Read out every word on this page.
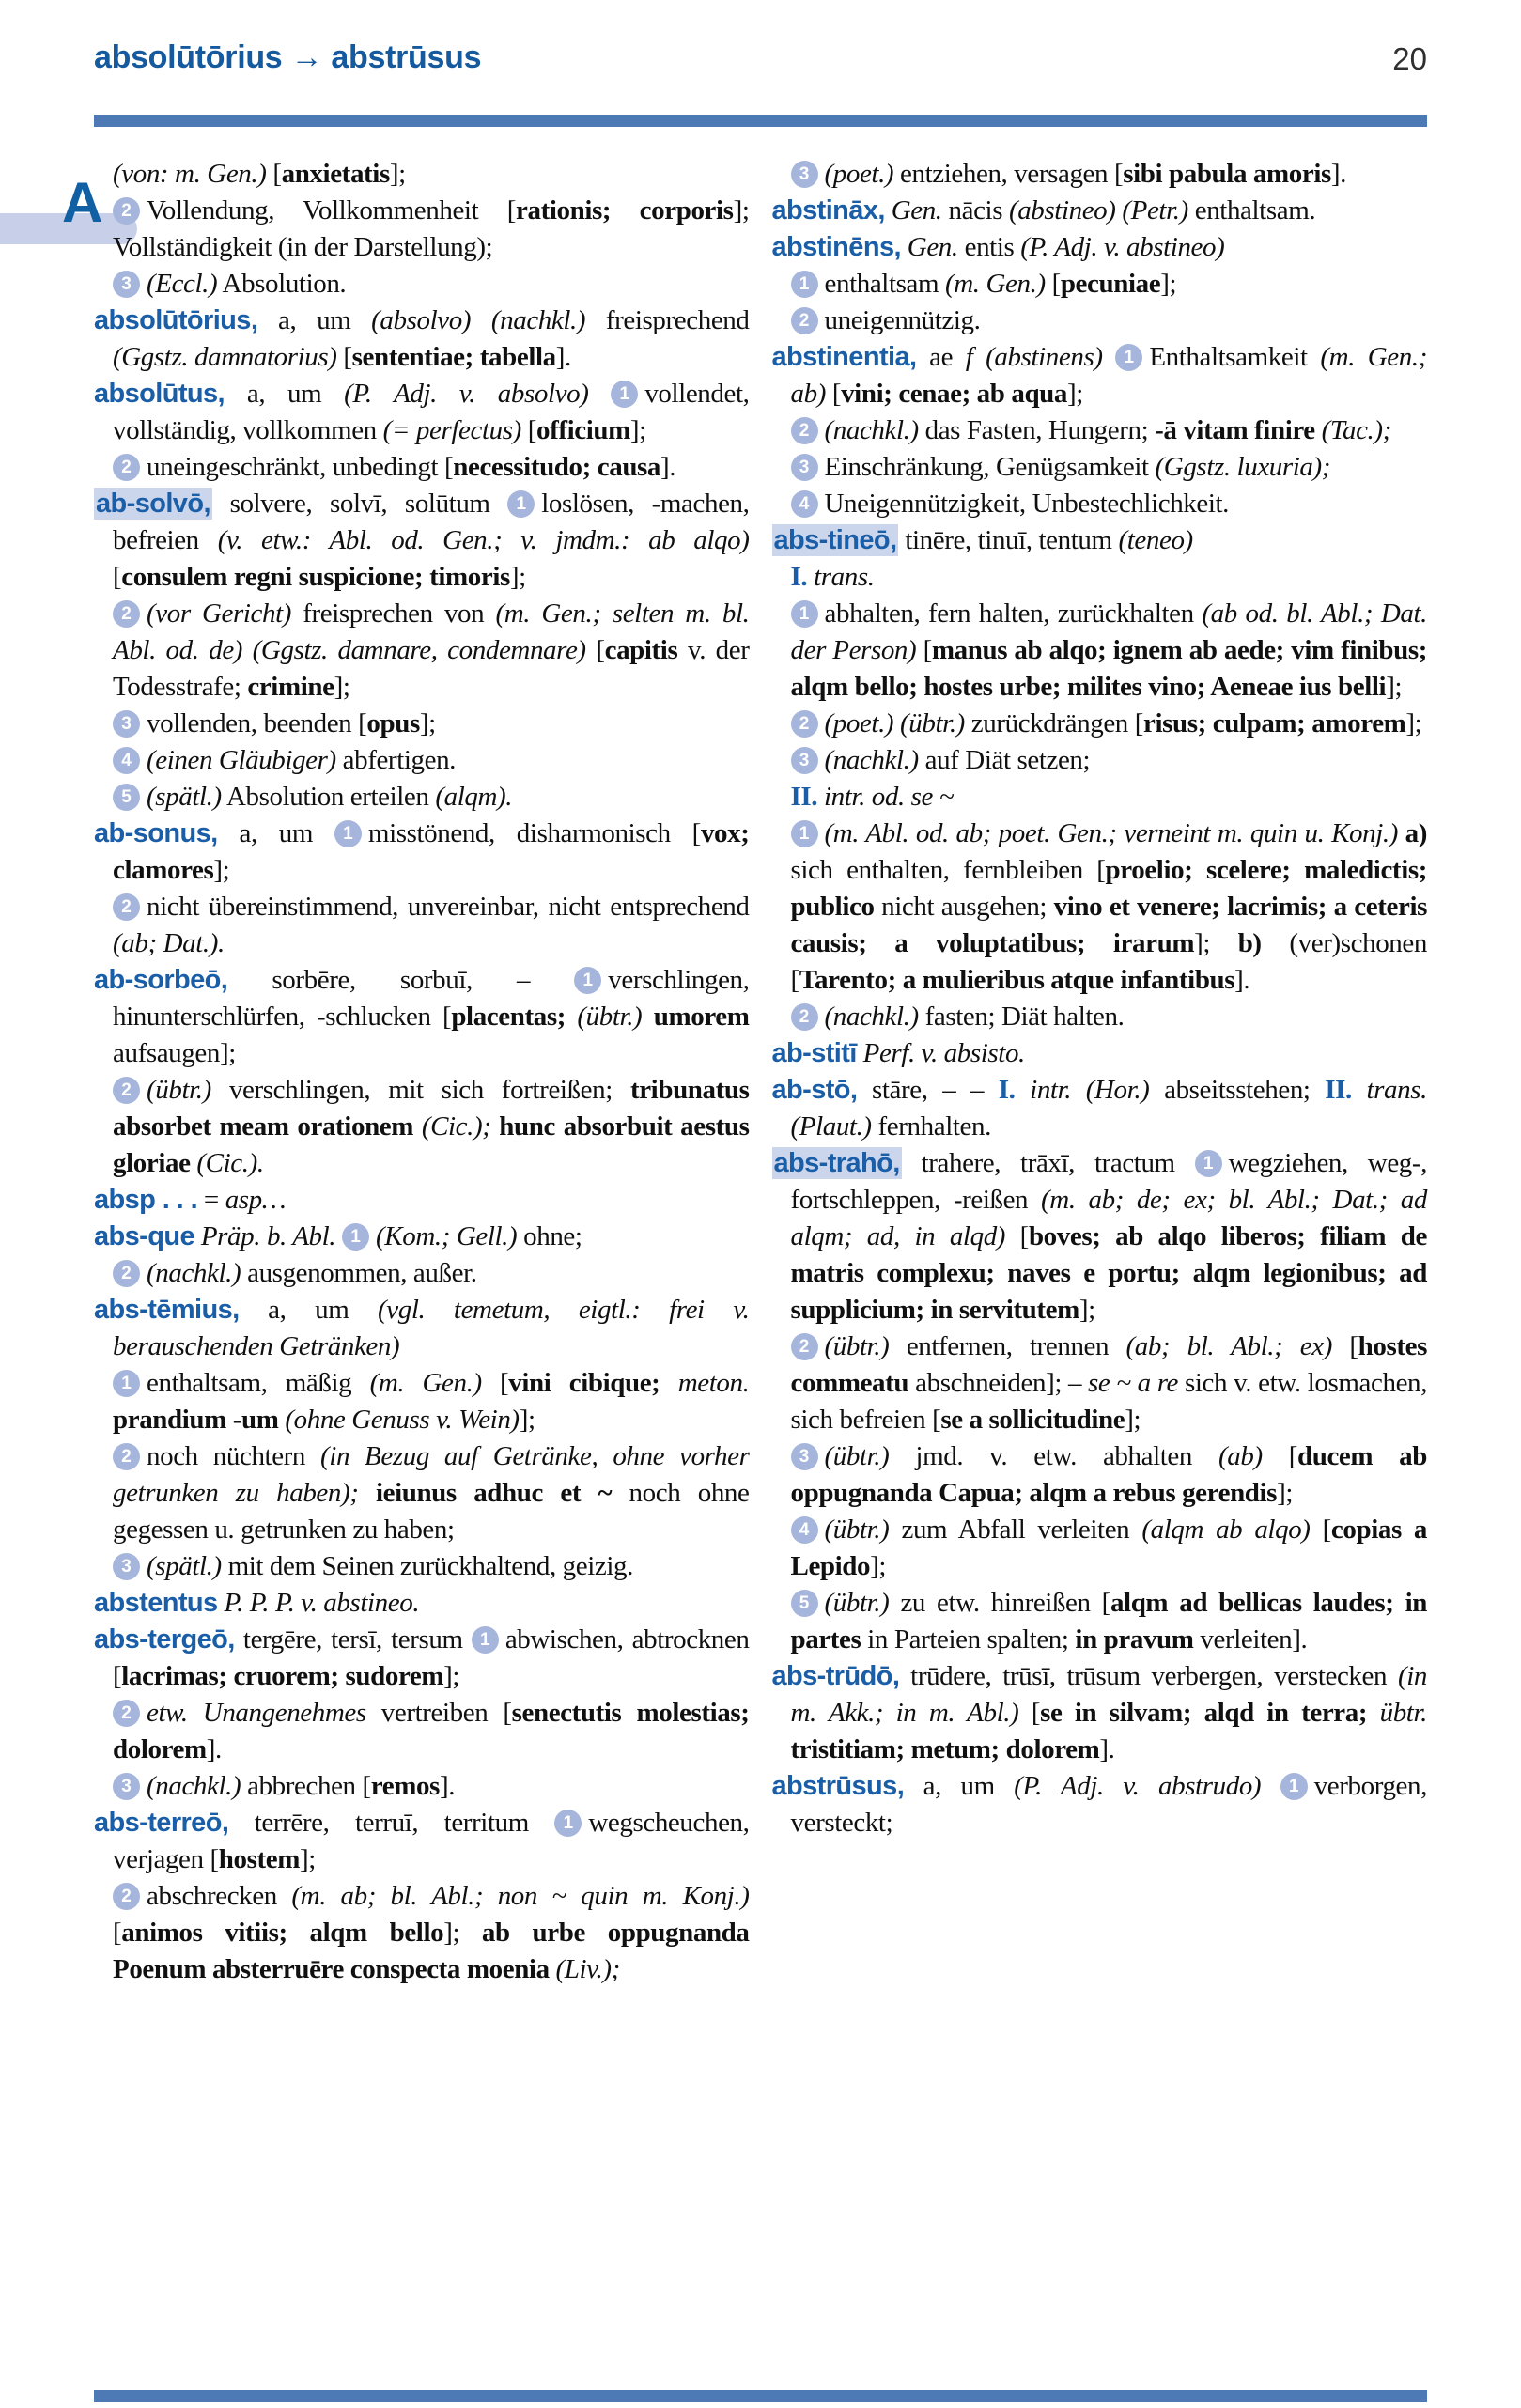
absolūtōrius → abstrūsus	20
A (von: m. Gen.) [anxietatis];

2 Vollendung, Vollkommenheit [rationis; corporis]; Vollständigkeit (in der Darstellung);

3 (Eccl.) Absolution.

absolūtōrius, a, um (absolvo) (nachkl.) freisprechend (Ggstz. damnatorius) [sententiae; tabella].

absolūtus, a, um (P. Adj. v. absolvo) 1 vollendet, vollständig, vollkommen (= perfectus) [officium];

2 uneingeschränkt, unbedingt [necessitudo; causa].

ab-solvō, solvere, solvī, solūtum 1 loslösen, -machen, befreien (v. etw.: Abl. od. Gen.; v. jmdm.: ab alqo) [consulem regni suspicione; timoris];

2 (vor Gericht) freisprechen von (m. Gen.; selten m. bl. Abl. od. de) (Ggstz. damnare, condemnare) [capitis v. der Todesstrafe; crimine];

3 vollenden, beenden [opus];

4 (einen Gläubiger) abfertigen.

5 (spätl.) Absolution erteilen (alqm).

ab-sonus, a, um 1 misstönend, disharmonisch [vox; clamores];

2 nicht übereinstimmend, unvereinbar, nicht entsprechend (ab; Dat.).

ab-sorbeō, sorbēre, sorbuī, – 1 verschlingen, hinunterschlürfen, -schlucken [placentas; (übtr.) umorem aufsaugen];

2 (übtr.) verschlingen, mit sich fortreißen; tribunatus absorbet meam orationem (Cic.); hunc absorbuit aestus gloriae (Cic.).

absp . . . = asp…

abs-que Präp. b. Abl. 1 (Kom.; Gell.) ohne;

2 (nachkl.) ausgenommen, außer.

abs-tēmius, a, um (vgl. temetum, eigtl.: frei v. berauschenden Getränken)

1 enthaltsam, mäßig (m. Gen.) [vini cibique; meton. prandium -um (ohne Genuss v. Wein)];

2 noch nüchtern (in Bezug auf Getränke, ohne vorher getrunken zu haben); ieiunus adhuc et ~ noch ohne gegessen u. getrunken zu haben;

3 (spätl.) mit dem Seinen zurückhaltend, geizig.

abstentus P. P. P. v. abstineo.

abs-tergeō, tergēre, tersī, tersum 1 abwischen, abtrocknen [lacrimas; cruorem; sudorem];

2 etw. Unangenehmes vertreiben [senectutis molestias; dolorem].

3 (nachkl.) abbrechen [remos].

abs-terreō, terrēre, terruī, territum 1 wegscheuchen, verjagen [hostem];

2 abschrecken (m. ab; bl. Abl.; non ~ quin m. Konj.) [animos vitiis; alqm bello]; ab urbe oppugnanda Poenum absterruēre conspecta moenia (Liv.);

3 (poet.) entziehen, versagen [sibi pabula amoris].

abstināx, Gen. nācis (abstineo) (Petr.) enthaltsam.

abstinēns, Gen. entis (P. Adj. v. abstineo)

1 enthaltsam (m. Gen.) [pecuniae];

2 uneigennützig.

abstinentia, ae f (abstinens) 1 Enthaltsamkeit (m. Gen.; ab) [vini; cenae; ab aqua];

2 (nachkl.) das Fasten, Hungern; -ā vitam finire (Tac.);

3 Einschränkung, Genügsamkeit (Ggstz. luxuria);

4 Uneigennützigkeit, Unbestechlichkeit.

abs-tineō, tinēre, tinuī, tentum (teneo)

I. trans.

1 abhalten, fern halten, zurückhalten (ab od. bl. Abl.; Dat. der Person) [manus ab alqo; ignem ab aede; vim finibus; alqm bello; hostes urbe; milites vino; Aeneae ius belli];

2 (poet.) (übtr.) zurückdrängen [risus; culpam; amorem];

3 (nachkl.) auf Diät setzen;

II. intr. od. se ~

1 (m. Abl. od. ab; poet. Gen.; verneint m. quin u. Konj.) a) sich enthalten, fernbleiben [proelio; scelere; maledictis; publico nicht ausgehen; vino et venere; lacrimis; a ceteris causis; a voluptatibus; irarum]; b) (ver)schonen [Tarento; a mulieribus atque infantibus].

2 (nachkl.) fasten; Diät halten.

ab-stitī Perf. v. absisto.

ab-stō, stāre, – – I. intr. (Hor.) abseitsstehen; II. trans. (Plaut.) fernhalten.

abs-trahō, trahere, trāxī, tractum 1 wegziehen, weg-, fortschleppen, -reißen (m. ab; de; ex; bl. Abl.; Dat.; ad alqm; ad, in alqd) [boves; ab alqo liberos; filiam de matris complexu; naves e portu; alqm legionibus; ad supplicium; in servitutem];

2 (übtr.) entfernen, trennen (ab; bl. Abl.; ex) [hostes commeatu abschneiden]; – se ~ a re sich v. etw. losmachen, sich befreien [se a sollicitudine];

3 (übtr.) jmd. v. etw. abhalten (ab) [ducem ab oppugnanda Capua; alqm a rebus gerendis];

4 (übtr.) zum Abfall verleiten (alqm ab alqo) [copias a Lepido];

5 (übtr.) zu etw. hinreißen [alqm ad bellicas laudes; in partes in Parteien spalten; in pravum verleiten].

abs-trūdō, trūdere, trūsī, trūsum verbergen, verstecken (in m. Akk.; in m. Abl.) [se in silvam; alqd in terra; übtr. tristitiam; metum; dolorem].

abstrūsus, a, um (P. Adj. v. abstrudo) 1 verborgen, versteckt;
